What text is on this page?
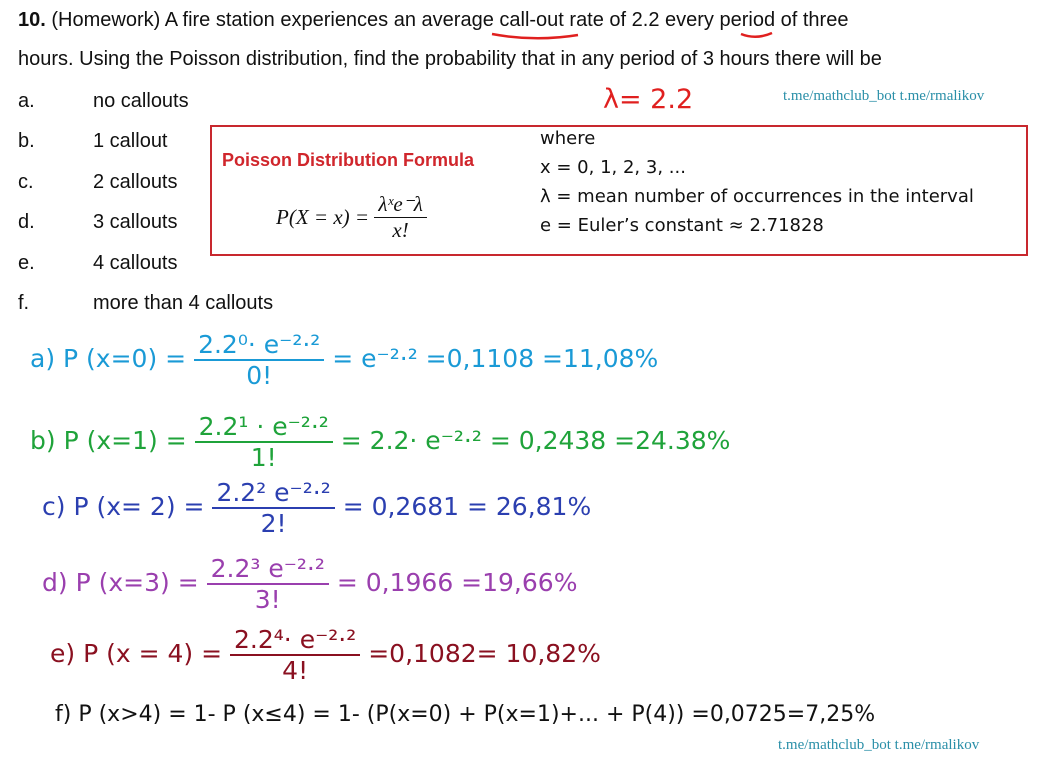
10. (Homework) A fire station experiences an average call-out rate of 2.2 every period of three
hours. Using the Poisson distribution, find the probability that in any period of 3 hours there will be
a.	no callouts
b.	1 callout
c.	2 callouts
d.	3 callouts
e.	4 callouts
f.	more than 4 callouts
λ= 2.2	t.me/mathclub_bot t.me/rmalikov
Poisson Distribution Formula
$P(X = x) = \frac{\text{λˣe⁻λ}}{x!}$
where
x = 0, 1, 2, 3, ...
λ = mean number of occurrences in the interval
e = Euler’s constant ≈ 2.71828
a) P $(x=0) = \frac{\text{2.2⁰· e⁻²·²}}{0!} = e^{-2}\cdot^2 =0,1108 =11,08\%$
b) P $(x=1) = \frac{\text{2.2¹ · e⁻²·²}}{1!} = 2.2\cdot e^{-2}\cdot^2 = 0,2438 =24.38\%$
c) P $(x= 2) = \frac{\text{2.2² e⁻²·²}}{2!} = 0,2681 = 26,81\%$
d) P $(x=3) = \frac{\text{2.2³ e⁻²·²}}{3!} = 0,1966 =19,66\%$
e) P $(x = 4) = \frac{\text{2.2⁴· e⁻²·²}}{4!} =0,1082= 10,82\%$
f) P (x>4) = 1- P (x≤4) = 1- (P(x=0) + P(x=1)+... + P(4)) =0,0725=7,25%
t.me/mathclub_bot t.me/rmalikov
